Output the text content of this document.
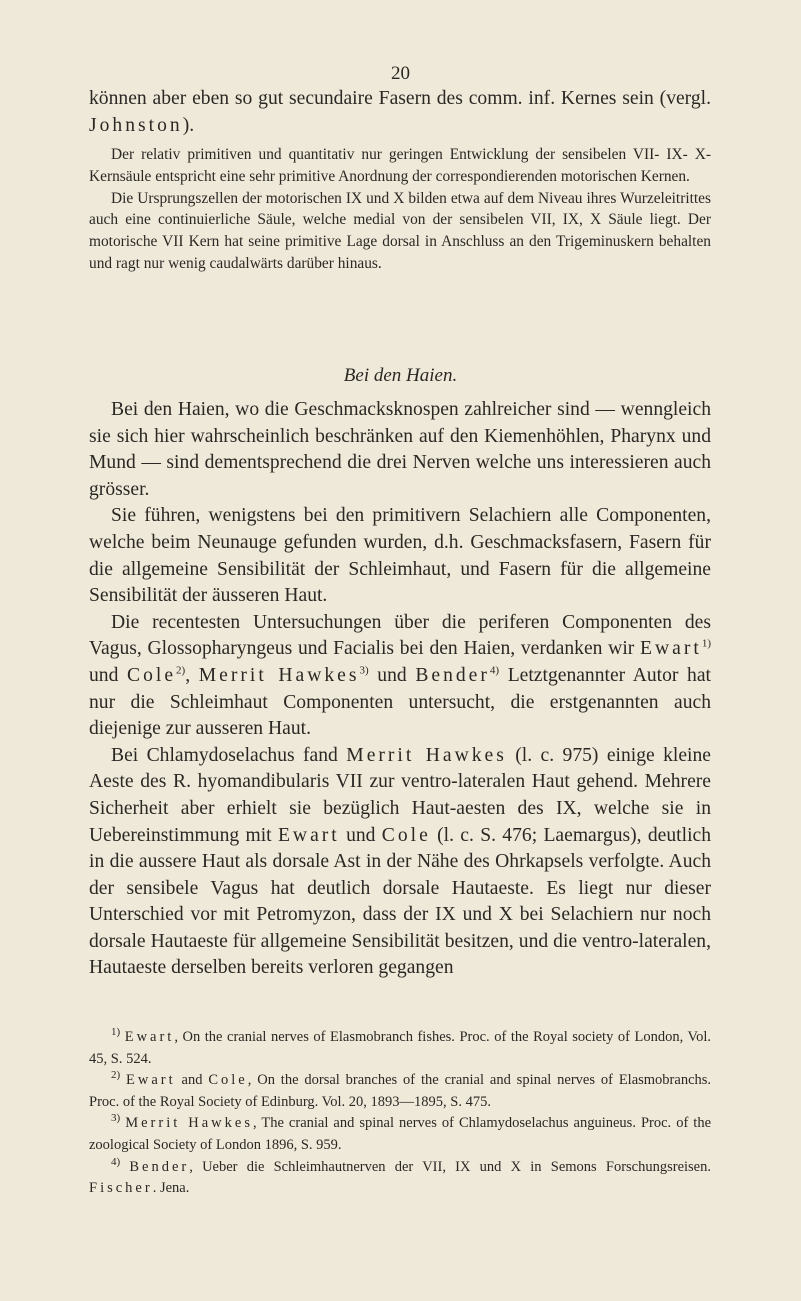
20

können aber eben so gut secundaire Fasern des comm. inf. Kernes sein (vergl. Johnston).

Der relativ primitiven und quantitativ nur geringen Entwicklung der sensibelen VII- IX- X- Kernsäule entspricht eine sehr primitive Anordnung der correspondierenden motorischen Kernen.

Die Ursprungszellen der motorischen IX und X bilden etwa auf dem Niveau ihres Wurzeleitrittes auch eine continuierliche Säule, welche medial von der sensibelen VII, IX, X Säule liegt. Der motorische VII Kern hat seine primitive Lage dorsal in Anschluss an den Trigeminuskern behalten und ragt nur wenig caudalwärts darüber hinaus.

Bei den Haien.

Bei den Haien, wo die Geschmacksknospen zahlreicher sind — wenngleich sie sich hier wahrscheinlich beschränken auf den Kiemenhöhlen, Pharynx und Mund — sind dementsprechend die drei Nerven welche uns interessieren auch grösser.

Sie führen, wenigstens bei den primitivern Selachiern alle Componenten, welche beim Neunauge gefunden wurden, d.h. Geschmacksfasern, Fasern für die allgemeine Sensibilität der Schleimhaut, und Fasern für die allgemeine Sensibilität der äusseren Haut.

Die recentesten Untersuchungen über die periferen Componenten des Vagus, Glossopharyngeus und Facialis bei den Haien, verdanken wir Ewart$^{1)}$ und Cole$^{2)}$, Merrit Hawkes$^{3)}$ und Bender$^{4)}$ Letztgenannter Autor hat nur die Schleimhaut Componenten untersucht, die erstgenannten auch diejenige zur ausseren Haut.

Bei Chlamydoselachus fand Merrit Hawkes (l. c. 975) einige kleine Aeste des R. hyomandibularis VII zur ventro-lateralen Haut gehend. Mehrere Sicherheit aber erhielt sie bezüglich Haut-aesten des IX, welche sie in Uebereinstimmung mit Ewart und Cole (l. c. S. 476; Laemargus), deutlich in die aussere Haut als dorsale Ast in der Nähe des Ohrkapsels verfolgte. Auch der sensibele Vagus hat deutlich dorsale Hautaeste. Es liegt nur dieser Unterschied vor mit Petromyzon, dass der IX und X bei Selachiern nur noch dorsale Hautaeste für allgemeine Sensibilität besitzen, und die ventro-lateralen, Hautaeste derselben bereits verloren gegangen

$^{1)}$ Ewart, On the cranial nerves of Elasmobranch fishes. Proc. of the Royal society of London, Vol. 45, S. 524.

$^{2)}$ Ewart and Cole, On the dorsal branches of the cranial and spinal nerves of Elasmobranchs. Proc. of the Royal Society of Edinburg. Vol. 20, 1893—1895, S. 475.

$^{3)}$ Merrit Hawkes, The cranial and spinal nerves of Chlamydoselachus anguineus. Proc. of the zoological Society of London 1896, S. 959.

$^{4)}$ Bender, Ueber die Schleimhautnerven der VII, IX und X in Semons Forschungsreisen. Fischer. Jena.
